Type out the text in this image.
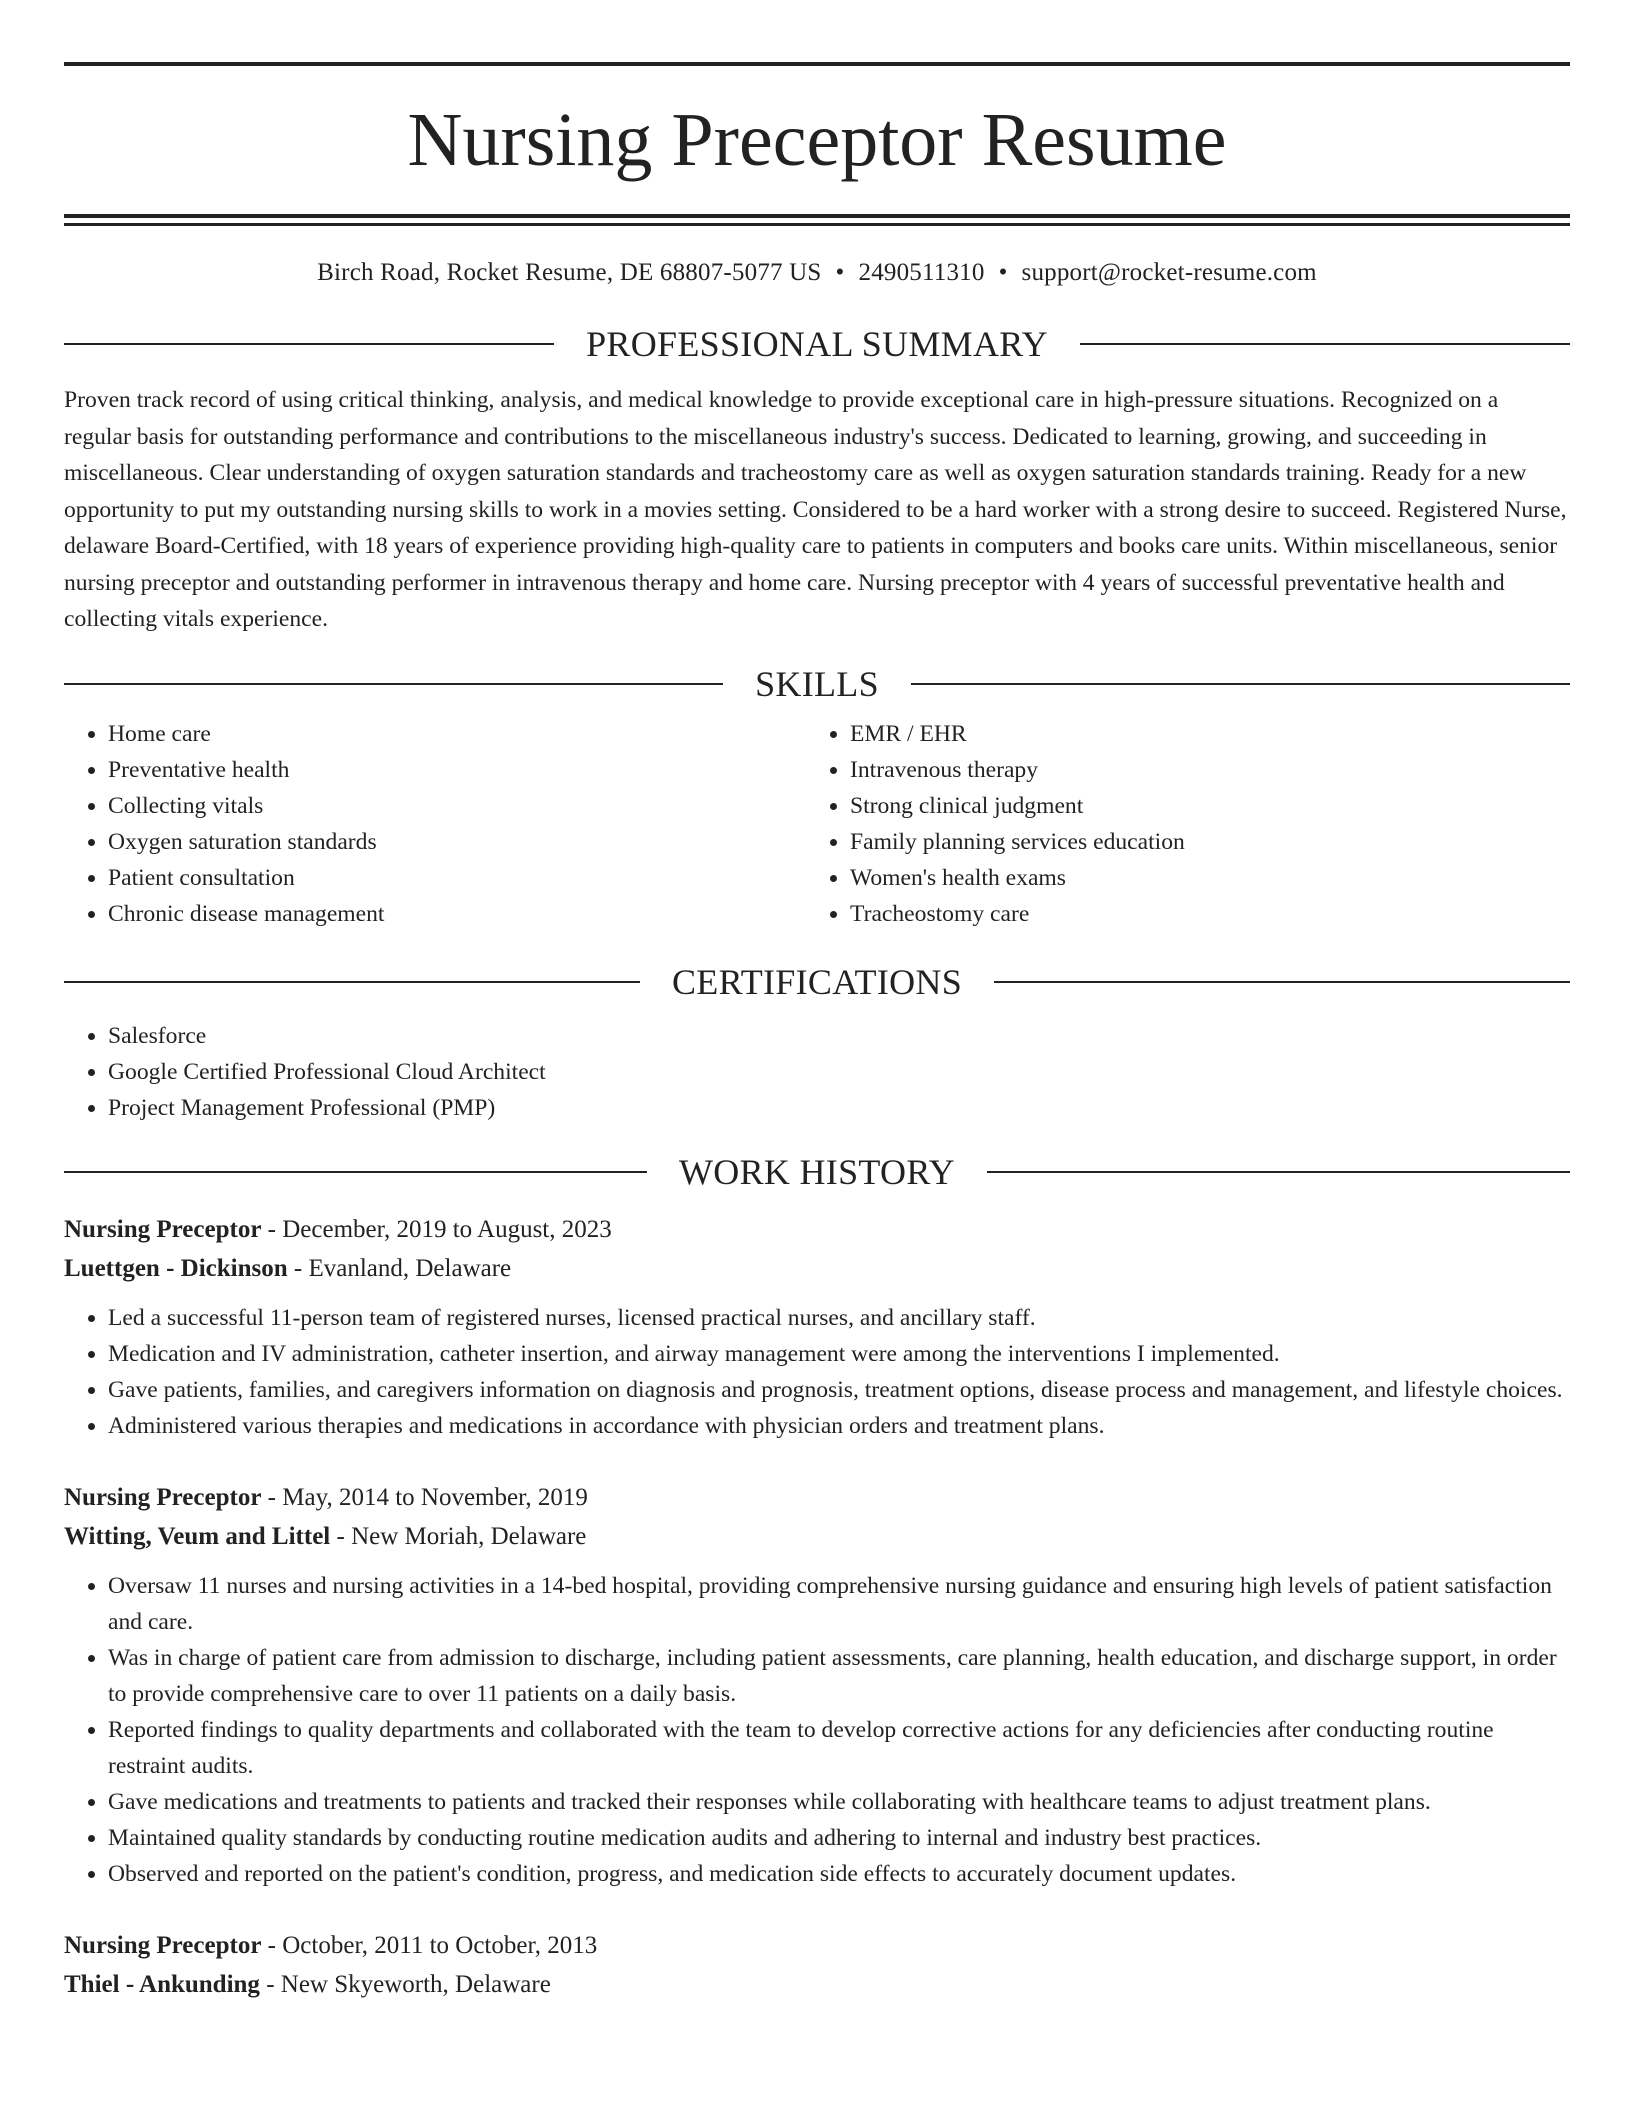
Nursing Preceptor Resume
Birch Road, Rocket Resume, DE 68807-5077 US • 2490511310 • support@rocket-resume.com
PROFESSIONAL SUMMARY
Proven track record of using critical thinking, analysis, and medical knowledge to provide exceptional care in high-pressure situations. Recognized on a regular basis for outstanding performance and contributions to the miscellaneous industry's success. Dedicated to learning, growing, and succeeding in miscellaneous. Clear understanding of oxygen saturation standards and tracheostomy care as well as oxygen saturation standards training. Ready for a new opportunity to put my outstanding nursing skills to work in a movies setting. Considered to be a hard worker with a strong desire to succeed. Registered Nurse, delaware Board-Certified, with 18 years of experience providing high-quality care to patients in computers and books care units. Within miscellaneous, senior nursing preceptor and outstanding performer in intravenous therapy and home care. Nursing preceptor with 4 years of successful preventative health and collecting vitals experience.
SKILLS
• Home care
• Preventative health
• Collecting vitals
• Oxygen saturation standards
• Patient consultation
• Chronic disease management
• EMR / EHR
• Intravenous therapy
• Strong clinical judgment
• Family planning services education
• Women's health exams
• Tracheostomy care
CERTIFICATIONS
• Salesforce
• Google Certified Professional Cloud Architect
• Project Management Professional (PMP)
WORK HISTORY
Nursing Preceptor - December, 2019 to August, 2023
Luettgen - Dickinson - Evanland, Delaware
• Led a successful 11-person team of registered nurses, licensed practical nurses, and ancillary staff.
• Medication and IV administration, catheter insertion, and airway management were among the interventions I implemented.
• Gave patients, families, and caregivers information on diagnosis and prognosis, treatment options, disease process and management, and lifestyle choices.
• Administered various therapies and medications in accordance with physician orders and treatment plans.
Nursing Preceptor - May, 2014 to November, 2019
Witting, Veum and Littel - New Moriah, Delaware
• Oversaw 11 nurses and nursing activities in a 14-bed hospital, providing comprehensive nursing guidance and ensuring high levels of patient satisfaction and care.
• Was in charge of patient care from admission to discharge, including patient assessments, care planning, health education, and discharge support, in order to provide comprehensive care to over 11 patients on a daily basis.
• Reported findings to quality departments and collaborated with the team to develop corrective actions for any deficiencies after conducting routine restraint audits.
• Gave medications and treatments to patients and tracked their responses while collaborating with healthcare teams to adjust treatment plans.
• Maintained quality standards by conducting routine medication audits and adhering to internal and industry best practices.
• Observed and reported on the patient's condition, progress, and medication side effects to accurately document updates.
Nursing Preceptor - October, 2011 to October, 2013
Thiel - Ankunding - New Skyeworth, Delaware
